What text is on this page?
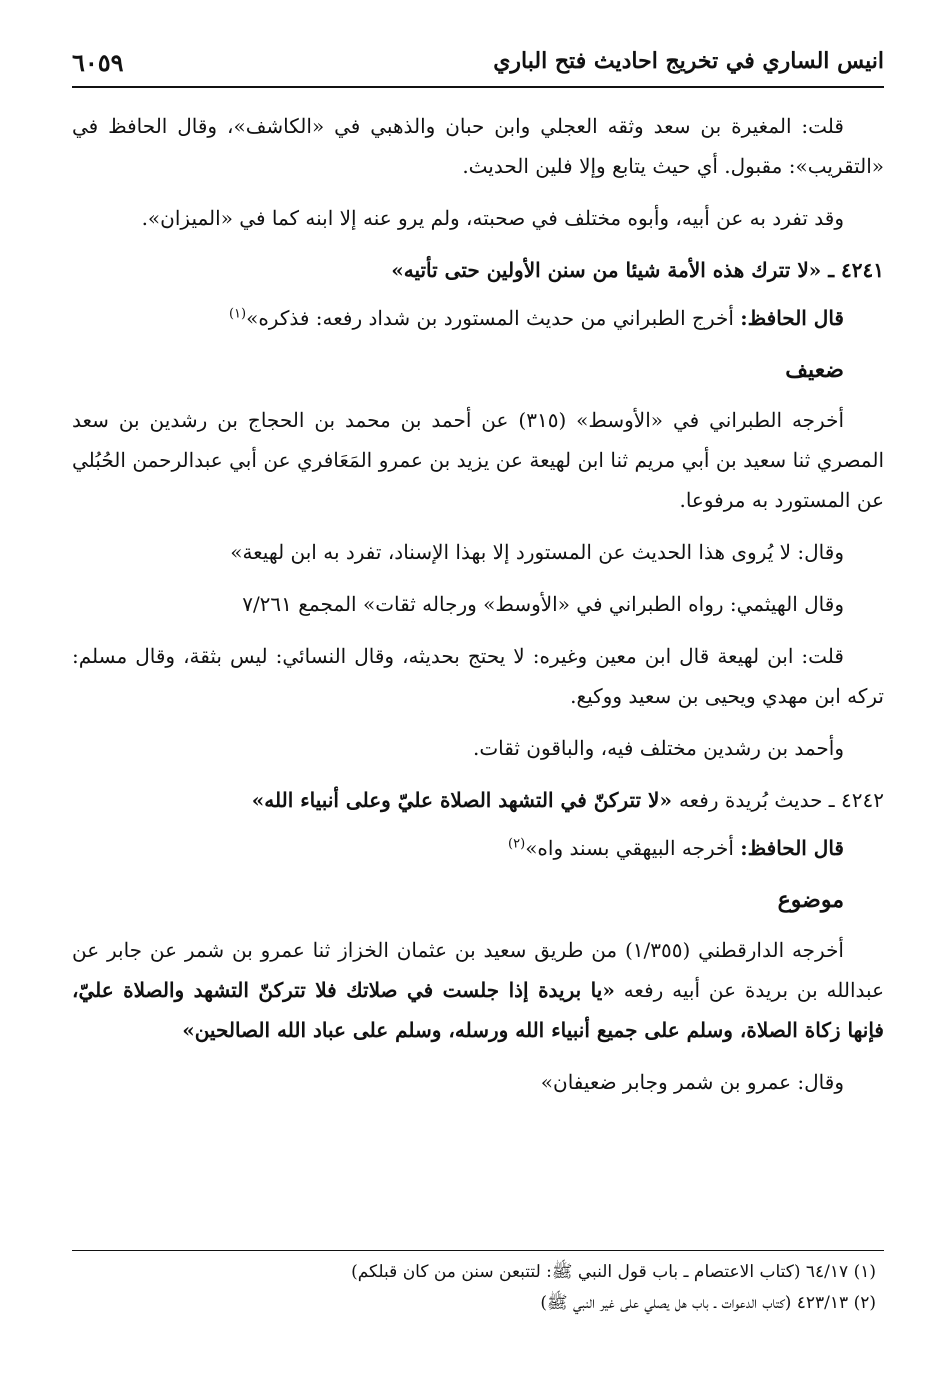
انيس الساري في تخريج احاديث فتح الباري
٦٠٥٩

قلت: المغيرة بن سعد وثقه العجلي وابن حبان والذهبي في «الكاشف»، وقال الحافظ في «التقريب»: مقبول. أي حيث يتابع وإلا فلين الحديث.

وقد تفرد به عن أبيه، وأبوه مختلف في صحبته، ولم يرو عنه إلا ابنه كما في «الميزان».

٤٢٤١ ـ «لا تترك هذه الأمة شيئا من سنن الأولين حتى تأتيه»

قال الحافظ: أخرج الطبراني من حديث المستورد بن شداد رفعه: فذكره»$^{(١)}$

ضعيف

أخرجه الطبراني في «الأوسط» (٣١٥) عن أحمد بن محمد بن الحجاج بن رشدين بن سعد المصري ثنا سعيد بن أبي مريم ثنا ابن لهيعة عن يزيد بن عمرو المَعَافري عن أبي عبدالرحمن الحُبُلي عن المستورد به مرفوعا.

وقال: لا يُروى هذا الحديث عن المستورد إلا بهذا الإسناد، تفرد به ابن لهيعة»

وقال الهيثمي: رواه الطبراني في «الأوسط» ورجاله ثقات» المجمع ٧/٢٦١

قلت: ابن لهيعة قال ابن معين وغيره: لا يحتج بحديثه، وقال النسائي: ليس بثقة، وقال مسلم: تركه ابن مهدي ويحيى بن سعيد ووكيع.

وأحمد بن رشدين مختلف فيه، والباقون ثقات.

٤٢٤٢ ـ حديث بُريدة رفعه «لا تتركنّ في التشهد الصلاة عليّ وعلى أنبياء الله»

قال الحافظ: أخرجه البيهقي بسند واه»$^{(٢)}$

موضوع

أخرجه الدارقطني (١/٣٥٥) من طريق سعيد بن عثمان الخزاز ثنا عمرو بن شمر عن جابر عن عبدالله بن بريدة عن أبيه رفعه «يا بريدة إذا جلست في صلاتك فلا تتركنّ التشهد والصلاة عليّ، فإنها زكاة الصلاة، وسلم على جميع أنبياء الله ورسله، وسلم على عباد الله الصالحين»

وقال: عمرو بن شمر وجابر ضعيفان»

(١) ٦٤/١٧ (كتاب الاعتصام ـ باب قول النبي ﷺ: لتتبعن سنن من كان قبلكم)
(٢) ٤٢٣/١٣ (كتاب الدعوات ـ باب هل يصلي على غير النبي ﷺ)
